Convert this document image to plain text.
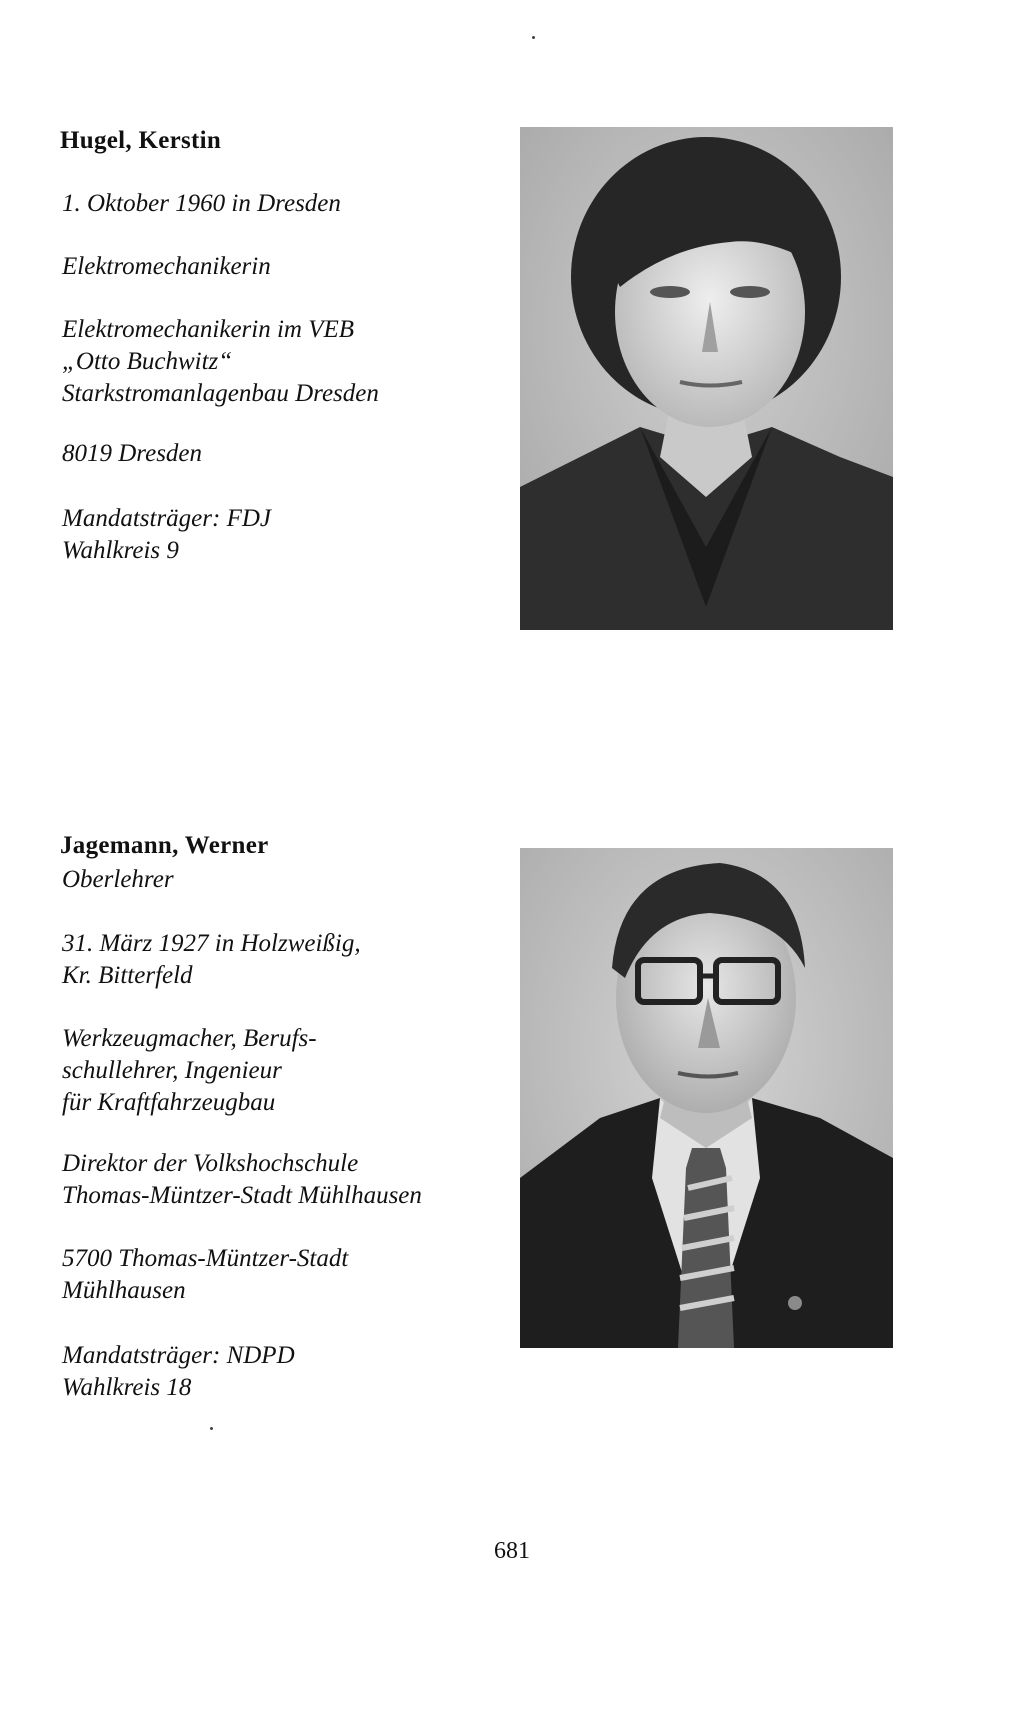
Hugel, Kerstin
1. Oktober 1960 in Dresden
Elektromechanikerin
Elektromechanikerin im VEB
„Otto Buchwitz“
Starkstromanlagenbau Dresden
8019 Dresden
Mandatsträger: FDJ
Wahlkreis 9
Jagemann, Werner
Oberlehrer
31. März 1927 in Holzweißig,
Kr. Bitterfeld
Werkzeugmacher, Berufs-
schullehrer, Ingenieur
für Kraftfahrzeugbau
Direktor der Volkshochschule
Thomas-Müntzer-Stadt Mühlhausen
5700 Thomas-Müntzer-Stadt
Mühlhausen
Mandatsträger: NDPD
Wahlkreis 18
681
